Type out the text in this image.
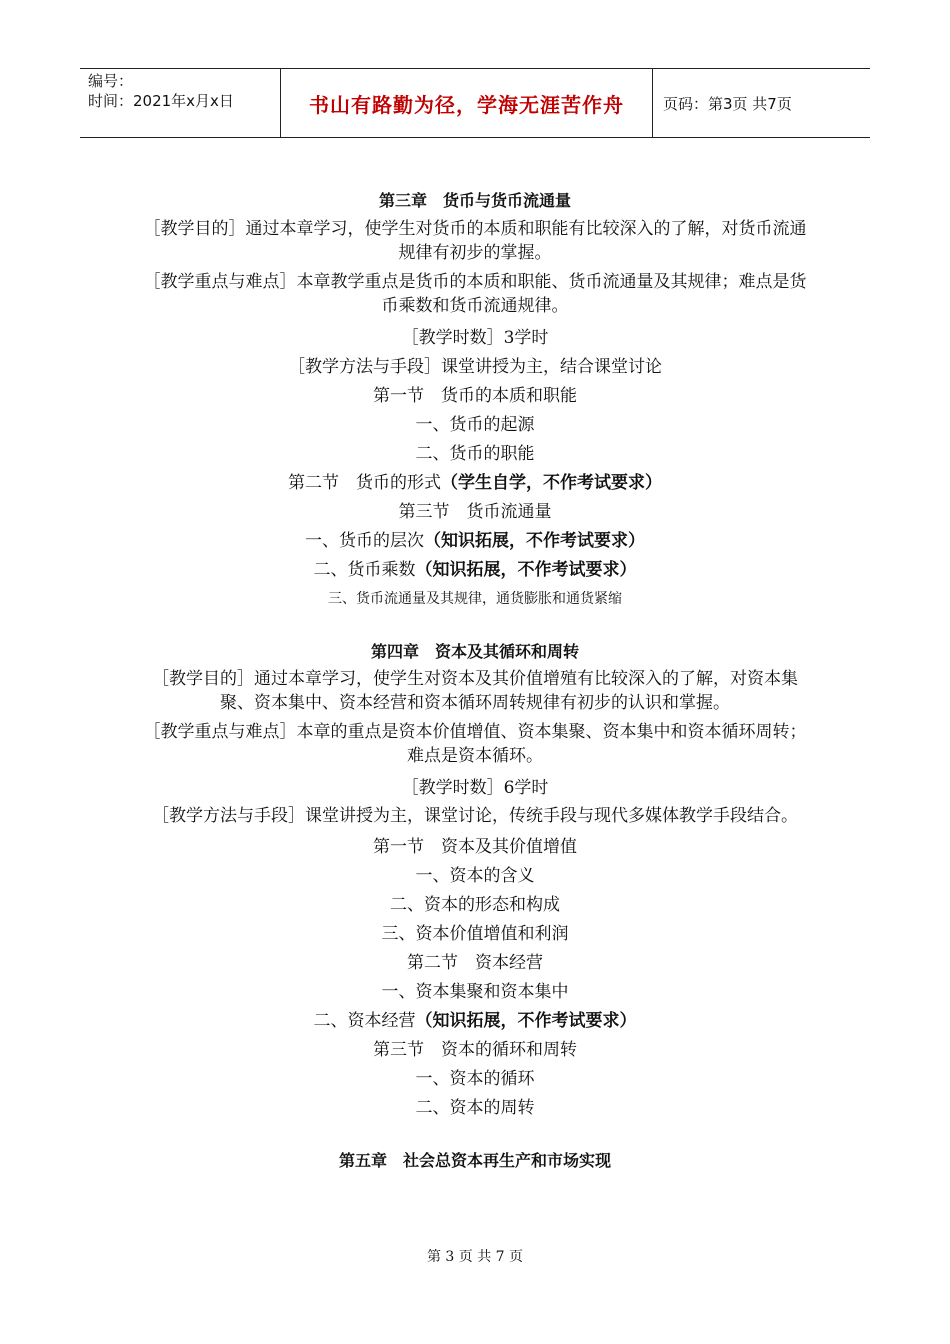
编号：
时间：2021年x月x日	书山有路勤为径，学海无涯苦作舟	页码：第3页 共7页

第三章　货币与货币流通量

［教学目的］通过本章学习，使学生对货币的本质和职能有比较深入的了解，对货币流通规律有初步的掌握。

［教学重点与难点］本章教学重点是货币的本质和职能、货币流通量及其规律；难点是货币乘数和货币流通规律。

［教学时数］3学时

［教学方法与手段］课堂讲授为主，结合课堂讨论

第一节　货币的本质和职能

一、货币的起源

二、货币的职能

第二节　货币的形式（学生自学，不作考试要求）

第三节　货币流通量

一、货币的层次（知识拓展，不作考试要求）

二、货币乘数（知识拓展，不作考试要求）

三、货币流通量及其规律，通货膨胀和通货紧缩

第四章　资本及其循环和周转

［教学目的］通过本章学习，使学生对资本及其价值增殖有比较深入的了解，对资本集聚、资本集中、资本经营和资本循环周转规律有初步的认识和掌握。

［教学重点与难点］本章的重点是资本价值增值、资本集聚、资本集中和资本循环周转；难点是资本循环。

［教学时数］6学时

［教学方法与手段］课堂讲授为主，课堂讨论，传统手段与现代多媒体教学手段结合。

第一节　资本及其价值增值

一、资本的含义

二、资本的形态和构成

三、资本价值增值和利润

第二节　资本经营

一、资本集聚和资本集中

二、资本经营（知识拓展，不作考试要求）

第三节　资本的循环和周转

一、资本的循环

二、资本的周转

第五章　社会总资本再生产和市场实现

第 3 页 共 7 页
